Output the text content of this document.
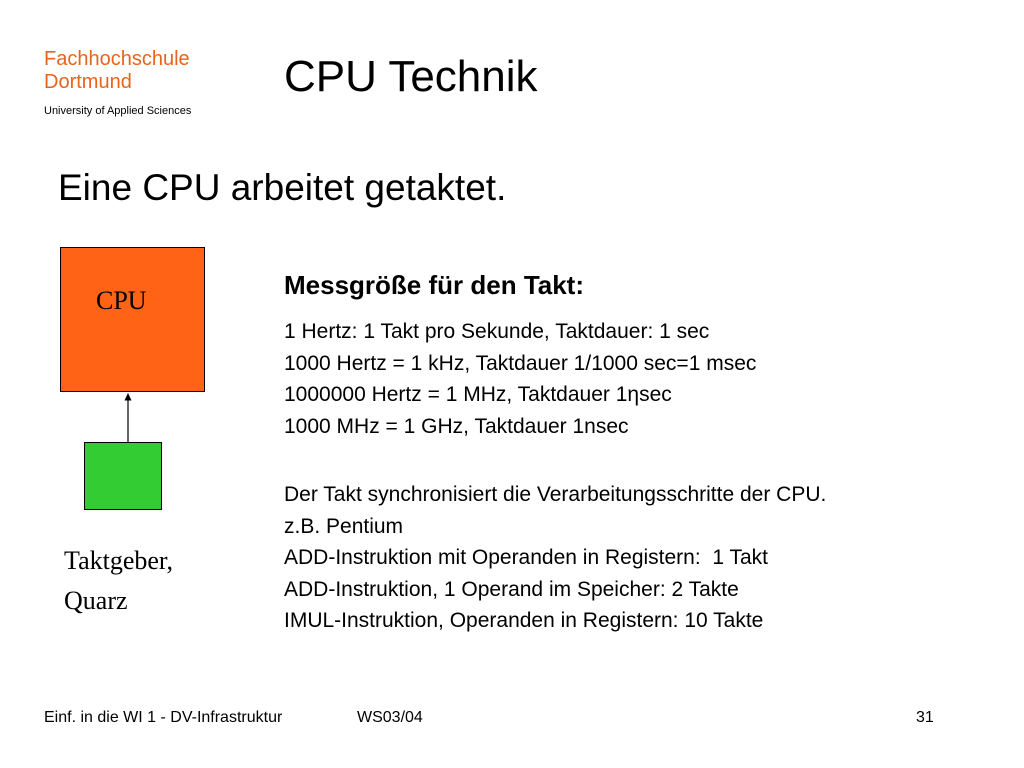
Fachhochschule
Dortmund
University of Applied Sciences
CPU Technik
Eine CPU arbeitet getaktet.
CPU
Taktgeber,
Quarz
Messgröße für den Takt:
1 Hertz: 1 Takt pro Sekunde, Taktdauer: 1 sec
1000 Hertz = 1 kHz, Taktdauer 1/1000 sec=1 msec
1000000 Hertz = 1 MHz, Taktdauer 1ηsec
1000 MHz = 1 GHz, Taktdauer 1nsec
Der Takt synchronisiert die Verarbeitungsschritte der CPU.
z.B. Pentium
ADD-Instruktion mit Operanden in Registern:  1 Takt
ADD-Instruktion, 1 Operand im Speicher: 2 Takte
IMUL-Instruktion, Operanden in Registern: 10 Takte
Einf. in die WI 1 - DV-Infrastruktur	WS03/04	31
